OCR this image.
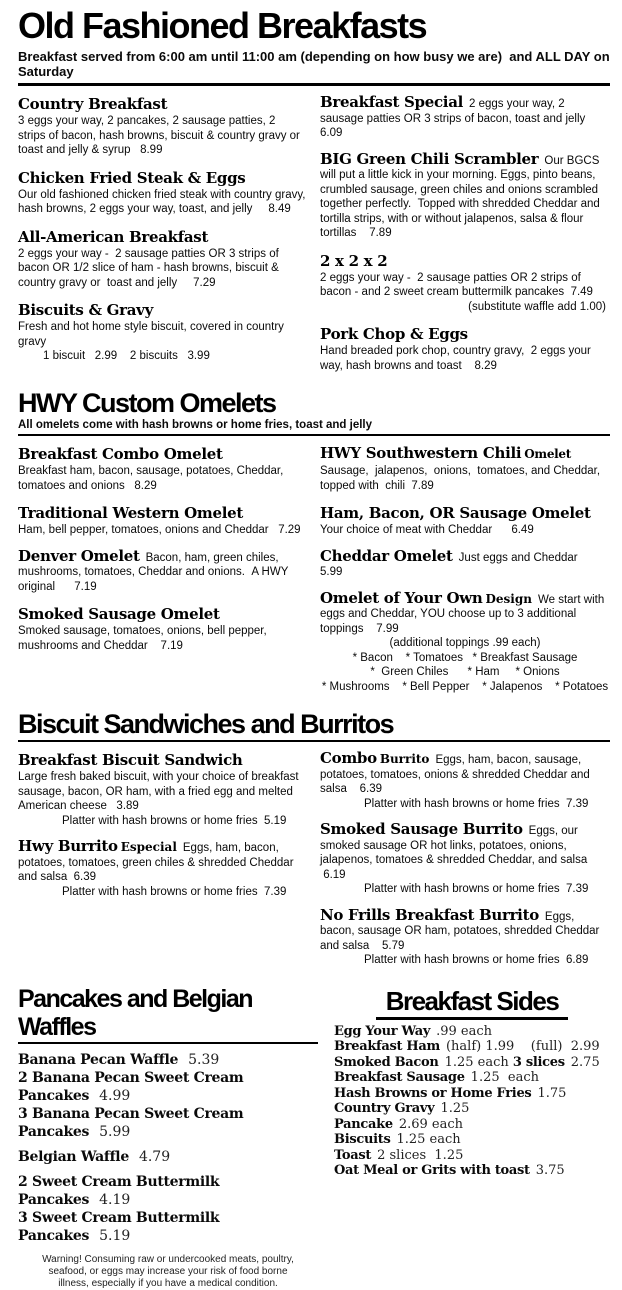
Old Fashioned Breakfasts
Breakfast served from 6:00 am until 11:00 am (depending on how busy we are)  and ALL DAY on Saturday
Country Breakfast

3 eggs your way, 2 pancakes, 2 sausage patties, 2 strips of bacon, hash browns, biscuit & country gravy or toast and jelly & syrup   8.99

Chicken Fried Steak & Eggs

Our old fashioned chicken fried steak with country gravy, hash browns, 2 eggs your way, toast, and jelly     8.49

All-American Breakfast

2 eggs your way -  2 sausage patties OR 3 strips of bacon OR 1/2 slice of ham - hash browns, biscuit & country gravy or  toast and jelly     7.29

Biscuits & Gravy

Fresh and hot home style biscuit, covered in country gravy

1 biscuit   2.99    2 biscuits   3.99

Breakfast Special 2 eggs your way, 2 sausage patties OR 3 strips of bacon, toast and jelly   6.09

BIG Green Chili Scrambler Our BGCS will put a little kick in your morning. Eggs, pinto beans, crumbled sausage, green chiles and onions scrambled together perfectly.  Topped with shredded Cheddar and tortilla strips, with or without jalapenos, salsa & flour tortillas    7.89

2 x 2 x 2

2 eggs your way -  2 sausage patties OR 2 strips of bacon - and 2 sweet cream buttermilk pancakes  7.49

(substitute waffle add 1.00)

Pork Chop & Eggs

Hand breaded pork chop, country gravy,  2 eggs your way, hash browns and toast    8.29

HWY Custom Omelets
All omelets come with hash browns or home fries, toast and jelly
Breakfast Combo Omelet

Breakfast ham, bacon, sausage, potatoes, Cheddar, tomatoes and onions   8.29

Traditional Western Omelet

Ham, bell pepper, tomatoes, onions and Cheddar   7.29

Denver Omelet Bacon, ham, green chiles, mushrooms, tomatoes, Cheddar and onions.  A HWY original      7.19

Smoked Sausage Omelet

Smoked sausage, tomatoes, onions, bell pepper, mushrooms and Cheddar    7.19

HWY Southwestern Chili Omelet

Sausage,  jalapenos,  onions,  tomatoes, and Cheddar, topped with  chili  7.89

Ham, Bacon, OR Sausage Omelet

Your choice of meat with Cheddar      6.49

Cheddar Omelet Just eggs and Cheddar    5.99

Omelet of Your Own Design We start with eggs and Cheddar, YOU choose up to 3 additional toppings    7.99

(additional toppings .99 each)

* Bacon    * Tomatoes   * Breakfast Sausage

*  Green Chiles      * Ham     * Onions

* Mushrooms    * Bell Pepper    * Jalapenos    * Potatoes

Biscuit Sandwiches and Burritos
Breakfast Biscuit Sandwich

Large fresh baked biscuit, with your choice of breakfast sausage, bacon, OR ham, with a fried egg and melted American cheese   3.89

Platter with hash browns or home fries  5.19

Hwy Burrito Especial Eggs, ham, bacon, potatoes, tomatoes, green chiles & shredded Cheddar and salsa  6.39

Platter with hash browns or home fries  7.39

Combo Burrito Eggs, ham, bacon, sausage, potatoes, tomatoes, onions & shredded Cheddar and salsa    6.39

Platter with hash browns or home fries  7.39

Smoked Sausage Burrito Eggs, our smoked sausage OR hot links, potatoes, onions, jalapenos, tomatoes & shredded Cheddar, and salsa  6.19

Platter with hash browns or home fries  7.39

No Frills Breakfast Burrito Eggs, bacon, sausage OR ham, potatoes, shredded Cheddar and salsa    5.79

Platter with hash browns or home fries  6.89

Pancakes and Belgian Waffles
Banana Pecan Waffle 5.39
2 Banana Pecan Sweet Cream Pancakes 4.99
3 Banana Pecan Sweet Cream Pancakes 5.99
Belgian Waffle 4.79
2 Sweet Cream Buttermilk Pancakes 4.19
3 Sweet Cream Buttermilk Pancakes 5.19
Warning! Consuming raw or undercooked meats, poultry, seafood, or eggs may increase your risk of food borne illness, especially if you have a medical condition.
Breakfast Sides
Egg Your Way .99 each
Breakfast Ham (half) 1.99    (full)  2.99
Smoked Bacon 1.25 each 3 slices 2.75
Breakfast Sausage 1.25  each
Hash Browns or Home Fries 1.75
Country Gravy 1.25
Pancake 2.69 each
Biscuits 1.25 each
Toast 2 slices  1.25
Oat Meal or Grits with toast 3.75
